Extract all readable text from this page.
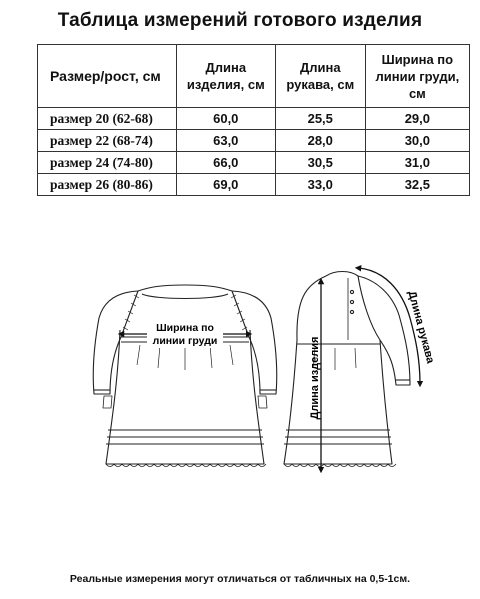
Таблица измерений готового изделия
Размер/рост, см	Длина изделия, см	Длина рукава, см	Ширина по линии груди, см
размер 20 (62-68)	60,0	25,5	29,0
размер 22 (68-74)	63,0	28,0	30,0
размер 24 (74-80)	66,0	30,5	31,0
размер 26 (80-86)	69,0	33,0	32,5
Ширина по
линии груди	Длина изделия
Длина рукава
Реальные измерения могут отличаться от табличных на 0,5-1см.
